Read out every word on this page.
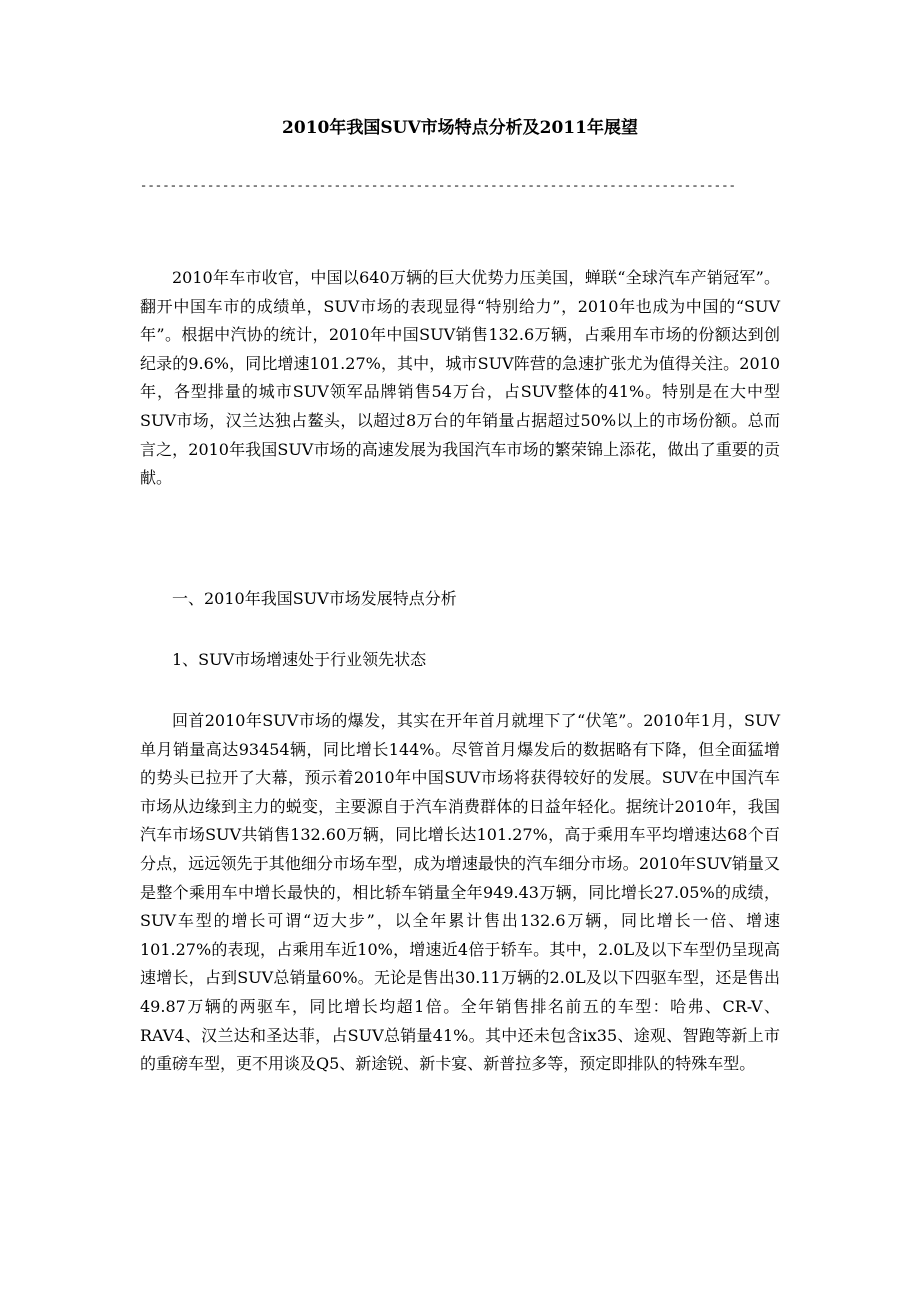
2010年我国SUV市场特点分析及2011年展望
--------------------------------------------------------------------------------

2010年车市收官，中国以640万辆的巨大优势力压美国，蝉联“全球汽车产销冠军”。翻开中国车市的成绩单，SUV市场的表现显得“特别给力”，2010年也成为中国的“SUV年”。根据中汽协的统计，2010年中国SUV销售132.6万辆，占乘用车市场的份额达到创纪录的9.6%，同比增速101.27%，其中，城市SUV阵营的急速扩张尤为值得关注。2010年，各型排量的城市SUV领军品牌销售54万台，占SUV整体的41%。特别是在大中型SUV市场，汉兰达独占鳌头，以超过8万台的年销量占据超过50%以上的市场份额。总而言之，2010年我国SUV市场的高速发展为我国汽车市场的繁荣锦上添花，做出了重要的贡献。

一、2010年我国SUV市场发展特点分析

1、SUV市场增速处于行业领先状态

回首2010年SUV市场的爆发，其实在开年首月就埋下了“伏笔”。2010年1月，SUV单月销量高达93454辆，同比增长144%。尽管首月爆发后的数据略有下降，但全面猛增的势头已拉开了大幕，预示着2010年中国SUV市场将获得较好的发展。SUV在中国汽车市场从边缘到主力的蜕变，主要源自于汽车消费群体的日益年轻化。据统计2010年，我国汽车市场SUV共销售132.60万辆，同比增长达101.27%，高于乘用车平均增速达68个百分点，远远领先于其他细分市场车型，成为增速最快的汽车细分市场。2010年SUV销量又是整个乘用车中增长最快的，相比轿车销量全年949.43万辆，同比增长27.05%的成绩，SUV车型的增长可谓“迈大步”，以全年累计售出132.6万辆，同比增长一倍、增速101.27%的表现，占乘用车近10%，增速近4倍于轿车。其中，2.0L及以下车型仍呈现高速增长，占到SUV总销量60%。无论是售出30.11万辆的2.0L及以下四驱车型，还是售出49.87万辆的两驱车，同比增长均超1倍。全年销售排名前五的车型：哈弗、CR-V、RAV4、汉兰达和圣达菲，占SUV总销量41%。其中还未包含ix35、途观、智跑等新上市的重磅车型，更不用谈及Q5、新途锐、新卡宴、新普拉多等，预定即排队的特殊车型。
